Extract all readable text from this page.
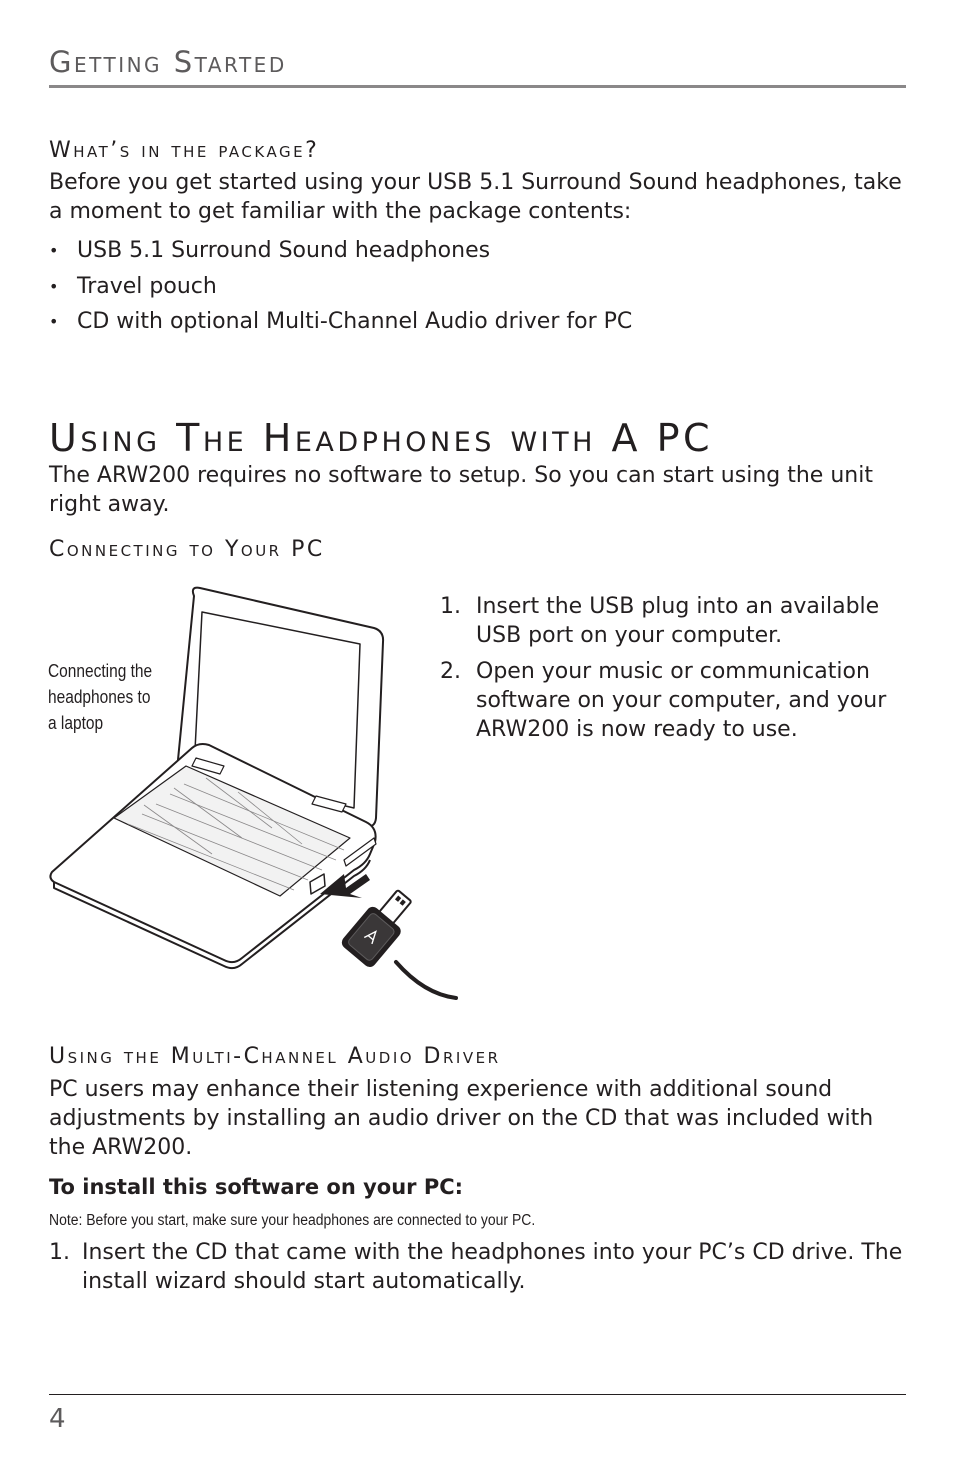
Getting Started
What’s in the package?
Before you get started using your USB 5.1 Surround Sound headphones, take a moment to get familiar with the package contents:
• USB 5.1 Surround Sound headphones
• Travel pouch
• CD with optional Multi-Channel Audio driver for PC
Using The Headphones with A PC
The ARW200 requires no software to setup. So you can start using the unit right away.
Connecting to Your PC
Connecting the headphones to a laptop
1. Insert the USB plug into an available USB port on your computer.
2. Open your music or communication software on your computer, and your ARW200 is now ready to use.
Using the Multi-Channel Audio Driver
PC users may enhance their listening experience with additional sound adjustments by installing an audio driver on the CD that was included with the ARW200.
To install this software on your PC:
Note: Before you start, make sure your headphones are connected to your PC.
1. Insert the CD that came with the headphones into your PC’s CD drive. The install wizard should start automatically.
4
